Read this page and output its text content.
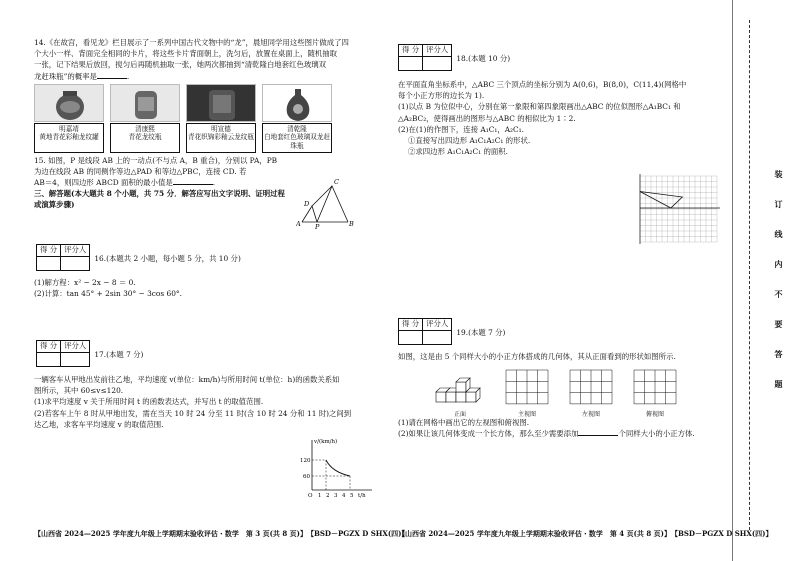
14.《在故宫，看见龙》栏目展示了一系列中国古代文物中的“龙”，晨旭同学用这些图片做成了四
个大小一样、背面完全相同的卡片，将这些卡片背面朝上，洗匀后，放置在桌面上，随机抽取
一张，记下结果后放回，搅匀后再随机抽取一张，她两次都抽到“清乾隆白地套红色玻璃双
龙赶珠瓶”的概率是	.
明嘉靖
黄地青花彩釉龙纹罐
清康熙
青花龙纹瓶
明宣德
青花织锦彩釉云龙纹瓶
清乾隆
白地套红色玻璃双龙赶珠瓶
15. 如图，P 是线段 AB 上的一动点(不与点 A，B 重合)，分别以 PA，PB
为边在线段 AB 的同侧作等边△PAD 和等边△PBC，连接 CD. 若
AB＝4，则四边形 ABCD 面积的最小值是	.
三、解答题(本大题共 8 个小题，共 75 分．解答应写出文字说明、证明过程
或演算步骤)
A	B
C
D
P
得 分	评分人

16.(本题共 2 小题，每小题 5 分，共 10 分)
(1)解方程：x² − 2x − 8 ＝ 0.
(2)计算：tan 45° + 2sin 30° − 3cos 60°.
得 分	评分人

17.(本题 7 分)
一辆客车从甲地出发前往乙地，平均速度 v(单位：km/h)与所用时间 t(单位：h)的函数关系如
图所示，其中 60≤v≤120.
(1)求平均速度 v 关于所用时间 t 的函数表达式，并写出 t 的取值范围.
(2)若客车上午 8 时从甲地出发，需在当天 10 时 24 分至 11 时(含 10 时 24 分和 11 时)之间到
达乙地，求客车平均速度 v 的取值范围.
v/(km/h)
120
60
O 1 2 3 4 5 t/h
【山西省 2024—2025 学年度九年级上学期期末验收评估・数学　第 3 页(共 8 页)】　【BSD－PGZX D SHX(四)】
得 分	评分人

18.(本题 10 分)
在平面直角坐标系中，△ABC 三个顶点的坐标分别为 A(0,6)，B(8,0)，C(11,4)(网格中
每个小正方形的边长为 1).
(1)以点 B 为位似中心，分别在第一象限和第四象限画出△ABC 的位似图形△A₁BC₁ 和
△A₂BC₂，使得画出的图形与△ABC 的相似比为 1∶2.
(2)在(1)的作图下，连接 A₁C₁，A₂C₁.
①直接写出四边形 A₁C₁A₂C₁ 的形状.
②求四边形 A₁C₁A₂C₁ 的面积.
得 分	评分人

19.(本题 7 分)
如图，这是由 5 个同样大小的小正方体搭成的几何体，其从正面看到的形状如图所示.
正面	主视图	左视图	俯视图
(1)请在网格中画出它的左视图和俯视图.
(2)如果让该几何体变成一个长方体，那么至少需要添加	个同样大小的小正方体.
【山西省 2024—2025 学年度九年级上学期期末验收评估・数学　第 4 页(共 8 页)】　【BSD－PGZX D SHX(四)】
装订线内不要答题
